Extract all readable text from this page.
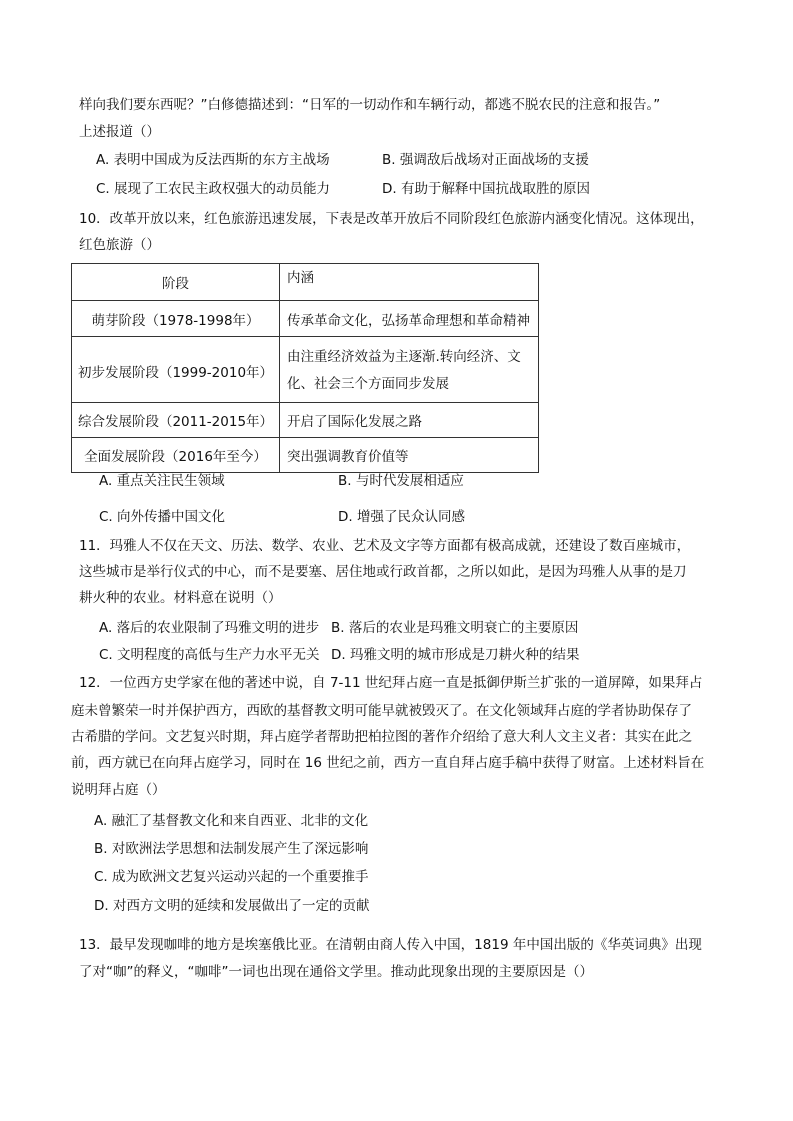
样向我们要东西呢？”白修德描述到：“日军的一切动作和车辆行动，都逃不脱农民的注意和报告。”
上述报道（）
A. 表明中国成为反法西斯的东方主战场	B. 强调敌后战场对正面战场的支援
C. 展现了工农民主政权强大的动员能力	D. 有助于解释中国抗战取胜的原因
10．改革开放以来，红色旅游迅速发展，下表是改革开放后不同阶段红色旅游内涵变化情况。这体现出，
红色旅游（）
阶段	内涵
萌芽阶段（1978-1998年）	传承革命文化，弘扬革命理想和革命精神
初步发展阶段（1999-2010年）	由注重经济效益为主逐渐.转向经济、文化、社会三个方面同步发展
综合发展阶段（2011-2015年）	开启了国际化发展之路
全面发展阶段（2016年至今）	突出强调教育价值等
A. 重点关注民生领域	B. 与时代发展相适应
C. 向外传播中国文化	D. 增强了民众认同感
11．玛雅人不仅在天文、历法、数学、农业、艺术及文字等方面都有极高成就，还建设了数百座城市，
这些城市是举行仪式的中心，而不是要塞、居住地或行政首都，之所以如此，是因为玛雅人从事的是刀
耕火种的农业。材料意在说明（）
A. 落后的农业限制了玛雅文明的进步 B. 落后的农业是玛雅文明衰亡的主要原因
C. 文明程度的高低与生产力水平无关 D. 玛雅文明的城市形成是刀耕火种的结果
12．一位西方史学家在他的著述中说，自 7-11 世纪拜占庭一直是抵御伊斯兰扩张的一道屏障，如果拜占
庭未曾繁荣一时并保护西方，西欧的基督教文明可能早就被毁灭了。在文化领域拜占庭的学者协助保存了
古希腊的学问。文艺复兴时期，拜占庭学者帮助把柏拉图的著作介绍给了意大利人文主义者：其实在此之
前，西方就已在向拜占庭学习，同时在 16 世纪之前，西方一直自拜占庭手稿中获得了财富。上述材料旨在
说明拜占庭（）
A. 融汇了基督教文化和来自西亚、北非的文化
B. 对欧洲法学思想和法制发展产生了深远影响
C. 成为欧洲文艺复兴运动兴起的一个重要推手
D. 对西方文明的延续和发展做出了一定的贡献
13．最早发现咖啡的地方是埃塞俄比亚。在清朝由商人传入中国，1819 年中国出版的《华英词典》出现
了对“咖”的释义，“咖啡”一词也出现在通俗文学里。推动此现象出现的主要原因是（）
